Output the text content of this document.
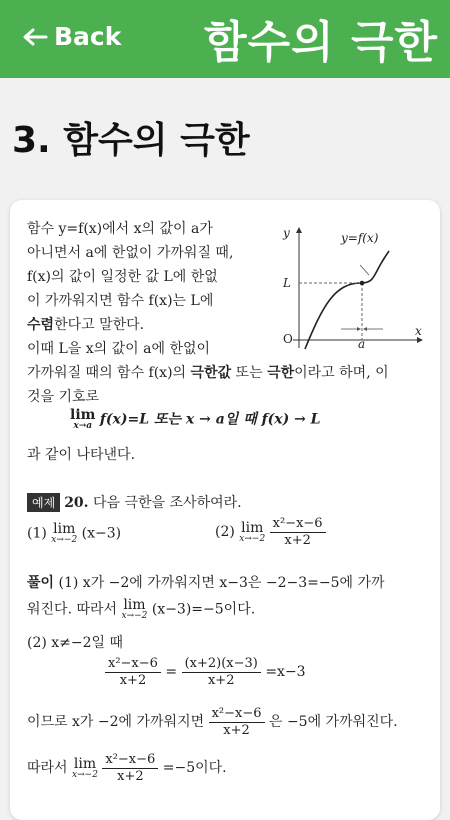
Back 함수의 극한
3. 함수의 극한
y=f(x)
y
x
O
L
a
함수 y=f(x)에서 x의 값이 a가
아니면서 a에 한없이 가까워질 때,
f(x)의 값이 일정한 값 L에 한없
이 가까워지면 함수 f(x)는 L에
수렴한다고 말한다.
이때 L을 x의 값이 a에 한없이
가까워질 때의 함수 f(x)의 극한값 또는 극한이라고 하며, 이
것을 기호로
lim
x→a f(x)=L 또는 x → a일 때 f(x) → L
과 같이 나타낸다.
예제 20. 다음 극한을 조사하여라.
(1) lim
x→−2 (x−3)	(2) lim
x→−2
$\frac{\text{x²−x−6}}{x+2}$
풀이 (1) x가 −2에 가까워지면 x−3은 −2−3=−5에 가까
워진다. 따라서 lim
x→−2 (x−3)=−5이다.
(2) x≠−2일 때
$\frac{\text{x²−x−6}}{x+2} = \frac{(x+2)(x-3)}{x+2} =x-3$
이므로 x가 −2에 가까워지면 $\frac{\text{x²−x−6}}{x+2}$ 은 −5에 가까워진다.
따라서 lim
x→−2
$\frac{\text{x²−x−6}}{x+2} =-5$이다.
